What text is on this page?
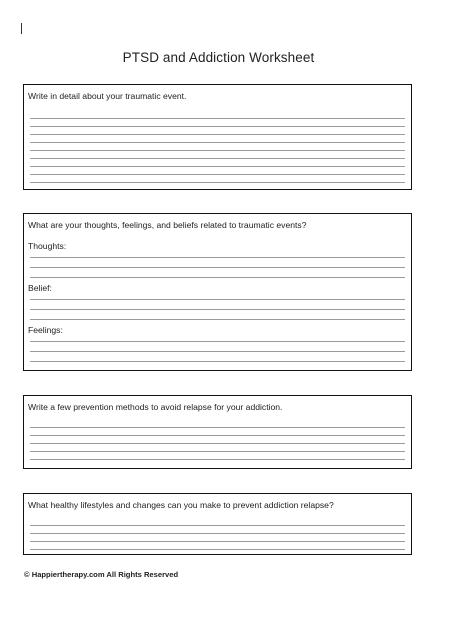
PTSD and Addiction Worksheet
Write in detail about your traumatic event.
What are your thoughts, feelings, and beliefs related to traumatic events?
Thoughts:
Belief:
Feelings:
Write a few prevention methods to avoid relapse for your addiction.
What healthy lifestyles and changes can you make to prevent addiction relapse?
© Happiertherapy.com All Rights Reserved
